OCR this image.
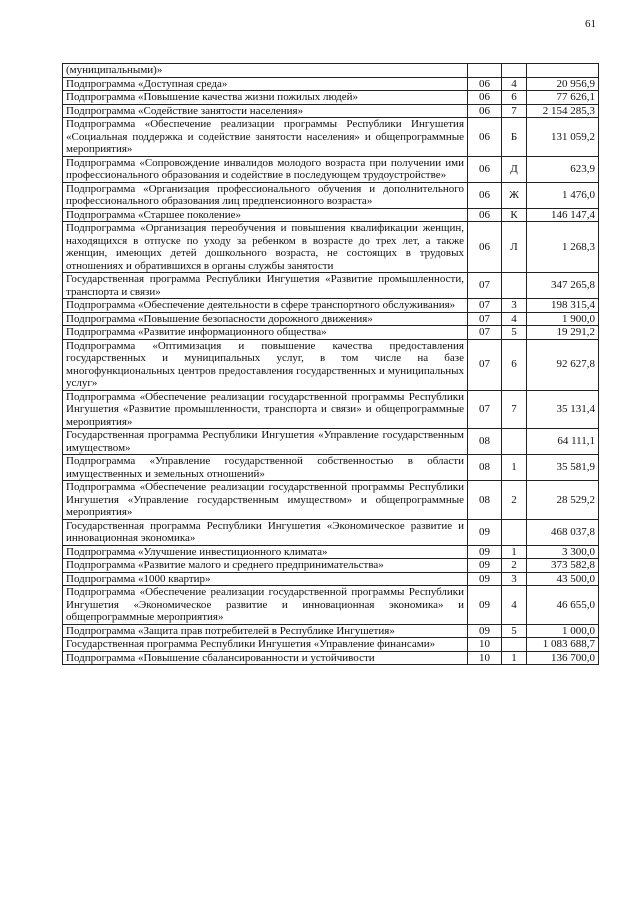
61
(муниципальными)»			
Подпрограмма «Доступная среда»	06	4	20 956,9
Подпрограмма «Повышение качества жизни пожилых людей»	06	6	77 626,1
Подпрограмма «Содействие занятости населения»	06	7	2 154 285,3
Подпрограмма «Обеспечение реализации программы Республики Ингушетия «Социальная поддержка и содействие занятости населения» и общепрограммные мероприятия»	06	Б	131 059,2
Подпрограмма «Сопровождение инвалидов молодого возраста при получении ими профессионального образования и содействие в последующем трудоустройстве»	06	Д	623,9
Подпрограмма «Организация профессионального обучения и дополнительного профессионального образования лиц предпенсионного возраста»	06	Ж	1 476,0
Подпрограмма «Старшее поколение»	06	К	146 147,4
Подпрограмма «Организация переобучения и повышения квалификации женщин, находящихся в отпуске по уходу за ребенком в возрасте до трех лет, а также женщин, имеющих детей дошкольного возраста, не состоящих в трудовых отношениях и обратившихся в органы службы занятости	06	Л	1 268,3
Государственная программа Республики Ингушетия «Развитие промышленности, транспорта и связи»	07		347 265,8
Подпрограмма «Обеспечение деятельности в сфере транспортного обслуживания»	07	3	198 315,4
Подпрограмма «Повышение безопасности дорожного движения»	07	4	1 900,0
Подпрограмма «Развитие информационного общества»	07	5	19 291,2
Подпрограмма «Оптимизация и повышение качества предоставления государственных и муниципальных услуг, в том числе на базе многофункциональных центров предоставления государственных и муниципальных услуг»	07	6	92 627,8
Подпрограмма «Обеспечение реализации государственной программы Республики Ингушетия «Развитие промышленности, транспорта и связи» и общепрограммные мероприятия»	07	7	35 131,4
Государственная программа Республики Ингушетия «Управление государственным имуществом»	08		64 111,1
Подпрограмма «Управление государственной собственностью в области имущественных и земельных отношений»	08	1	35 581,9
Подпрограмма «Обеспечение реализации государственной программы Республики Ингушетия «Управление государственным имуществом» и общепрограммные мероприятия»	08	2	28 529,2
Государственная программа Республики Ингушетия «Экономическое развитие и инновационная экономика»	09		468 037,8
Подпрограмма «Улучшение инвестиционного климата»	09	1	3 300,0
Подпрограмма «Развитие малого и среднего предпринимательства»	09	2	373 582,8
Подпрограмма «1000 квартир»	09	3	43 500,0
Подпрограмма «Обеспечение реализации государственной программы Республики Ингушетия «Экономическое развитие и инновационная экономика» и общепрограммные мероприятия»	09	4	46 655,0
Подпрограмма «Защита прав потребителей в Республике Ингушетия»	09	5	1 000,0
Государственная программа Республики Ингушетия «Управление финансами»	10		1 083 688,7
Подпрограмма «Повышение сбалансированности и устойчивости	10	1	136 700,0
